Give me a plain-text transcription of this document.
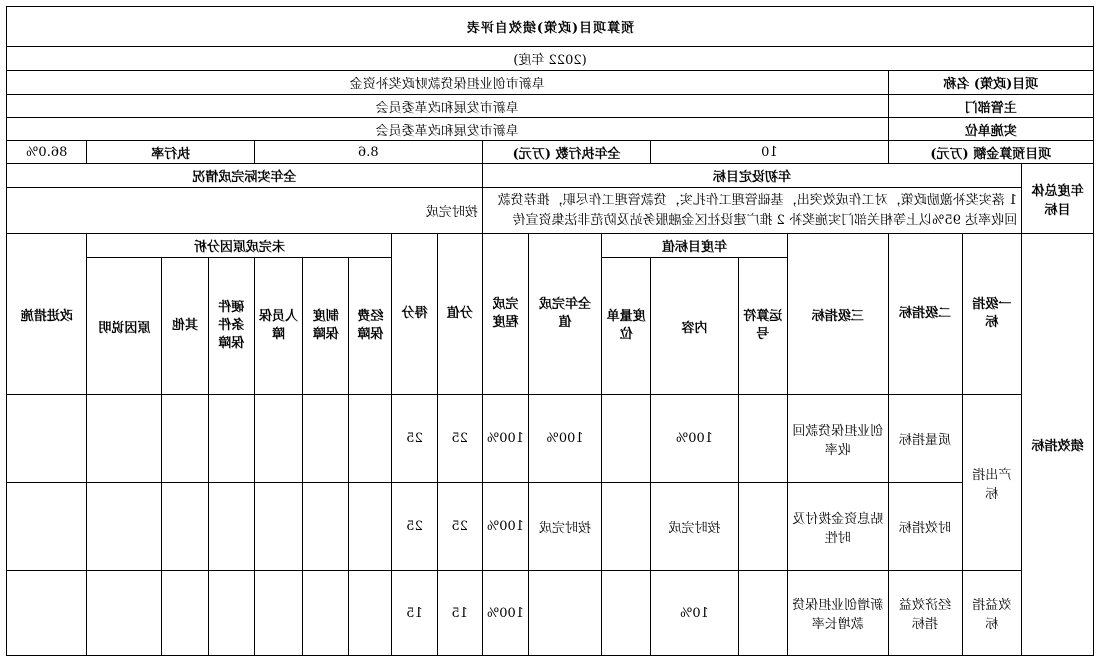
预算项目(政策)绩效自评表																	
(2022 年度)																	
项目(政策) 名称			阜新市创业担保贷款财政奖补资金														
主管部门			阜新市发展和改革委员会														
实施单位			阜新市发展和改革委员会														
项目预算金额 (万元)			10			全年执行数 (万元)			8.6					执行率			86.0%
年度总体目标	年初设定目标								全年实际完成情况								
	1 落实奖补激励政策，对工作成效突出，基础管理工作扎实，贷款管理工作尽职，推荐贷款回收率达 95%以上等相关部门实施奖补 2 推广建设社区金融服务站及防范非法集资宣传								按时完成								
绩效指标	一级指标	二级指标	三级指标	年度目标值			全年完成值	完成程度	分值	得分	未完成原因分析						改进措施
				运算符号	内容	度量单位					经费保障	制度保障	人员保障	硬件条件保障	其他	原因说明	
	产出指标	质量指标	创业担保贷款回收率		100%		100%	100%	25	25							
		时效指标	贴息资金拨付及时性		按时完成		按时完成	100%	25	25							
	效益指标	经济效益指标	新增创业担保贷款增长率		10%			100%	15	15							
